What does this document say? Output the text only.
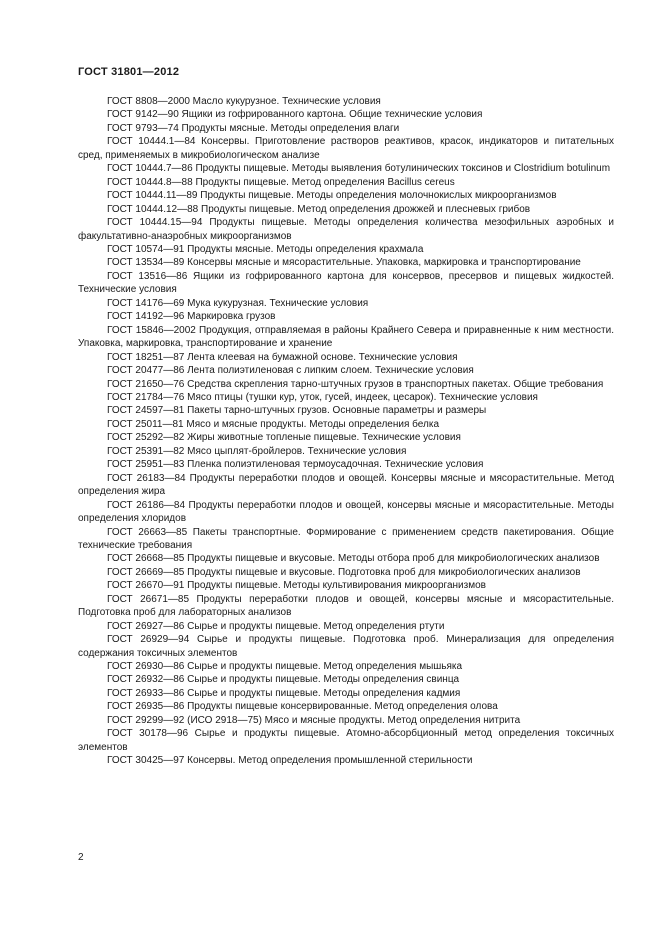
ГОСТ 31801—2012

ГОСТ 8808—2000 Масло кукурузное. Технические условия

ГОСТ 9142—90 Ящики из гофрированного картона. Общие технические условия

ГОСТ 9793—74 Продукты мясные. Методы определения влаги

ГОСТ 10444.1—84 Консервы. Приготовление растворов реактивов, красок, индикаторов и питательных сред, применяемых в микробиологическом анализе

ГОСТ 10444.7—86 Продукты пищевые. Методы выявления ботулинических токсинов и Clostridium botulinum

ГОСТ 10444.8—88 Продукты пищевые. Метод определения Bacillus cereus

ГОСТ 10444.11—89 Продукты пищевые. Методы определения молочнокислых микроорганизмов

ГОСТ 10444.12—88 Продукты пищевые. Метод определения дрожжей и плесневых грибов

ГОСТ 10444.15—94 Продукты пищевые. Методы определения количества мезофильных аэробных и факультативно-анаэробных микроорганизмов

ГОСТ 10574—91 Продукты мясные. Методы определения крахмала

ГОСТ 13534—89 Консервы мясные и мясорастительные. Упаковка, маркировка и транспортирование

ГОСТ 13516—86 Ящики из гофрированного картона для консервов, пресервов и пищевых жидкостей. Технические условия

ГОСТ 14176—69 Мука кукурузная. Технические условия

ГОСТ 14192—96 Маркировка грузов

ГОСТ 15846—2002 Продукция, отправляемая в районы Крайнего Севера и приравненные к ним местности. Упаковка, маркировка, транспортирование и хранение

ГОСТ 18251—87 Лента клеевая на бумажной основе. Технические условия

ГОСТ 20477—86 Лента полиэтиленовая с липким слоем. Технические условия

ГОСТ 21650—76 Средства скрепления тарно-штучных грузов в транспортных пакетах. Общие требования

ГОСТ 21784—76 Мясо птицы (тушки кур, уток, гусей, индеек, цесарок). Технические условия

ГОСТ 24597—81 Пакеты тарно-штучных грузов. Основные параметры и размеры

ГОСТ 25011—81 Мясо и мясные продукты. Методы определения белка

ГОСТ 25292—82 Жиры животные топленые пищевые. Технические условия

ГОСТ 25391—82 Мясо цыплят-бройлеров. Технические условия

ГОСТ 25951—83 Пленка полиэтиленовая термоусадочная. Технические условия

ГОСТ 26183—84 Продукты переработки плодов и овощей. Консервы мясные и мясорастительные. Метод определения жира

ГОСТ 26186—84 Продукты переработки плодов и овощей, консервы мясные и мясорастительные. Методы определения хлоридов

ГОСТ 26663—85 Пакеты транспортные. Формирование с применением средств пакетирования. Общие технические требования

ГОСТ 26668—85 Продукты пищевые и вкусовые. Методы отбора проб для микробиологических анализов

ГОСТ 26669—85 Продукты пищевые и вкусовые. Подготовка проб для микробиологических анализов

ГОСТ 26670—91 Продукты пищевые. Методы культивирования микроорганизмов

ГОСТ 26671—85 Продукты переработки плодов и овощей, консервы мясные и мясорастительные. Подготовка проб для лабораторных анализов

ГОСТ 26927—86 Сырье и продукты пищевые. Метод определения ртути

ГОСТ 26929—94 Сырье и продукты пищевые. Подготовка проб. Минерализация для определения содержания токсичных элементов

ГОСТ 26930—86 Сырье и продукты пищевые. Метод определения мышьяка

ГОСТ 26932—86 Сырье и продукты пищевые. Методы определения свинца

ГОСТ 26933—86 Сырье и продукты пищевые. Методы определения кадмия

ГОСТ 26935—86 Продукты пищевые консервированные. Метод определения олова

ГОСТ 29299—92 (ИСО 2918—75) Мясо и мясные продукты. Метод определения нитрита

ГОСТ 30178—96 Сырье и продукты пищевые. Атомно-абсорбционный метод определения токсичных элементов

ГОСТ 30425—97 Консервы. Метод определения промышленной стерильности

2
